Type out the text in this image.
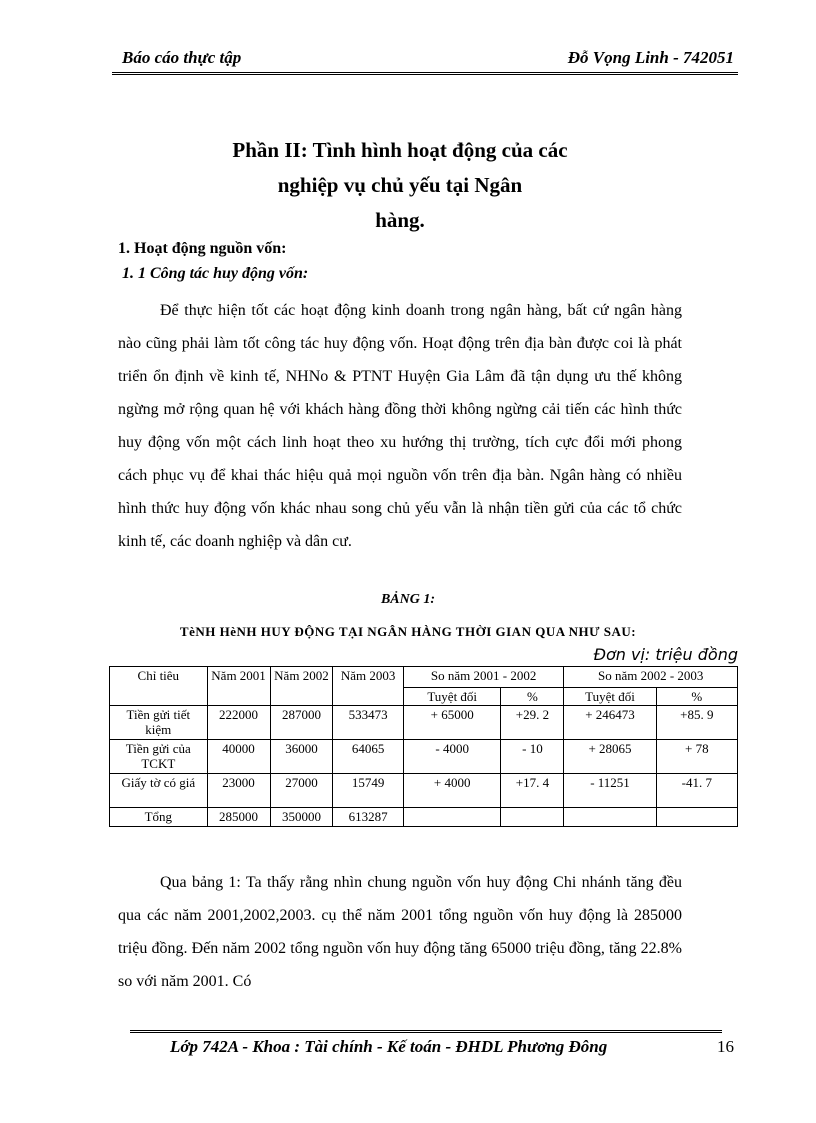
Báo cáo thực tập	Đỗ Vọng Linh - 742051
Phần II: Tình hình hoạt động của các
nghiệp vụ chủ yếu tại Ngân
hàng.
1. Hoạt động nguồn vốn:
1. 1 Công tác huy động vốn:
Để thực hiện tốt các hoạt động kinh doanh trong ngân hàng, bất cứ ngân hàng nào cũng phải làm tốt công tác huy động vốn. Hoạt động trên địa bàn được coi là phát triển ổn định về kinh tế, NHNo & PTNT Huyện Gia Lâm đã tận dụng ưu thế không ngừng mở rộng quan hệ với khách hàng đồng thời không ngừng cải tiến các hình thức huy động vốn một cách linh hoạt theo xu hướng thị trường, tích cực đổi mới phong cách phục vụ để khai thác hiệu quả mọi nguồn vốn trên địa bàn. Ngân hàng có nhiều hình thức huy động vốn khác nhau song chủ yếu vẫn là nhận tiền gửi của các tổ chức kinh tế, các doanh nghiệp và dân cư.
BẢNG 1:
TèNH HèNH HUY ĐỘNG TẠI NGÂN HÀNG THỜI GIAN QUA NHƯ SAU:
Đơn vị: triệu đồng
Chỉ tiêu	Năm 2001	Năm 2002	Năm 2003	So năm 2001 - 2002		So năm 2002 - 2003	
				Tuyệt đối	%	Tuyệt đối	%
Tiền gửi tiết kiệm	222000	287000	533473	+ 65000	+29. 2	+ 246473	+85. 9
Tiền gửi của TCKT	40000	36000	64065	- 4000	- 10	+ 28065	+ 78
Giấy tờ có giá	23000	27000	15749	+ 4000	+17. 4	- 11251	-41. 7
Tổng	285000	350000	613287				
Qua bảng 1: Ta thấy rằng nhìn chung nguồn vốn huy động Chi nhánh tăng đều qua các năm 2001,2002,2003. cụ thể năm 2001 tổng nguồn vốn huy động là 285000 triệu đồng. Đến năm 2002 tổng nguồn vốn huy động tăng 65000 triệu đồng, tăng 22.8% so với năm 2001. Có
Lớp 742A - Khoa : Tài chính - Kế toán - ĐHDL Phương Đông	16
